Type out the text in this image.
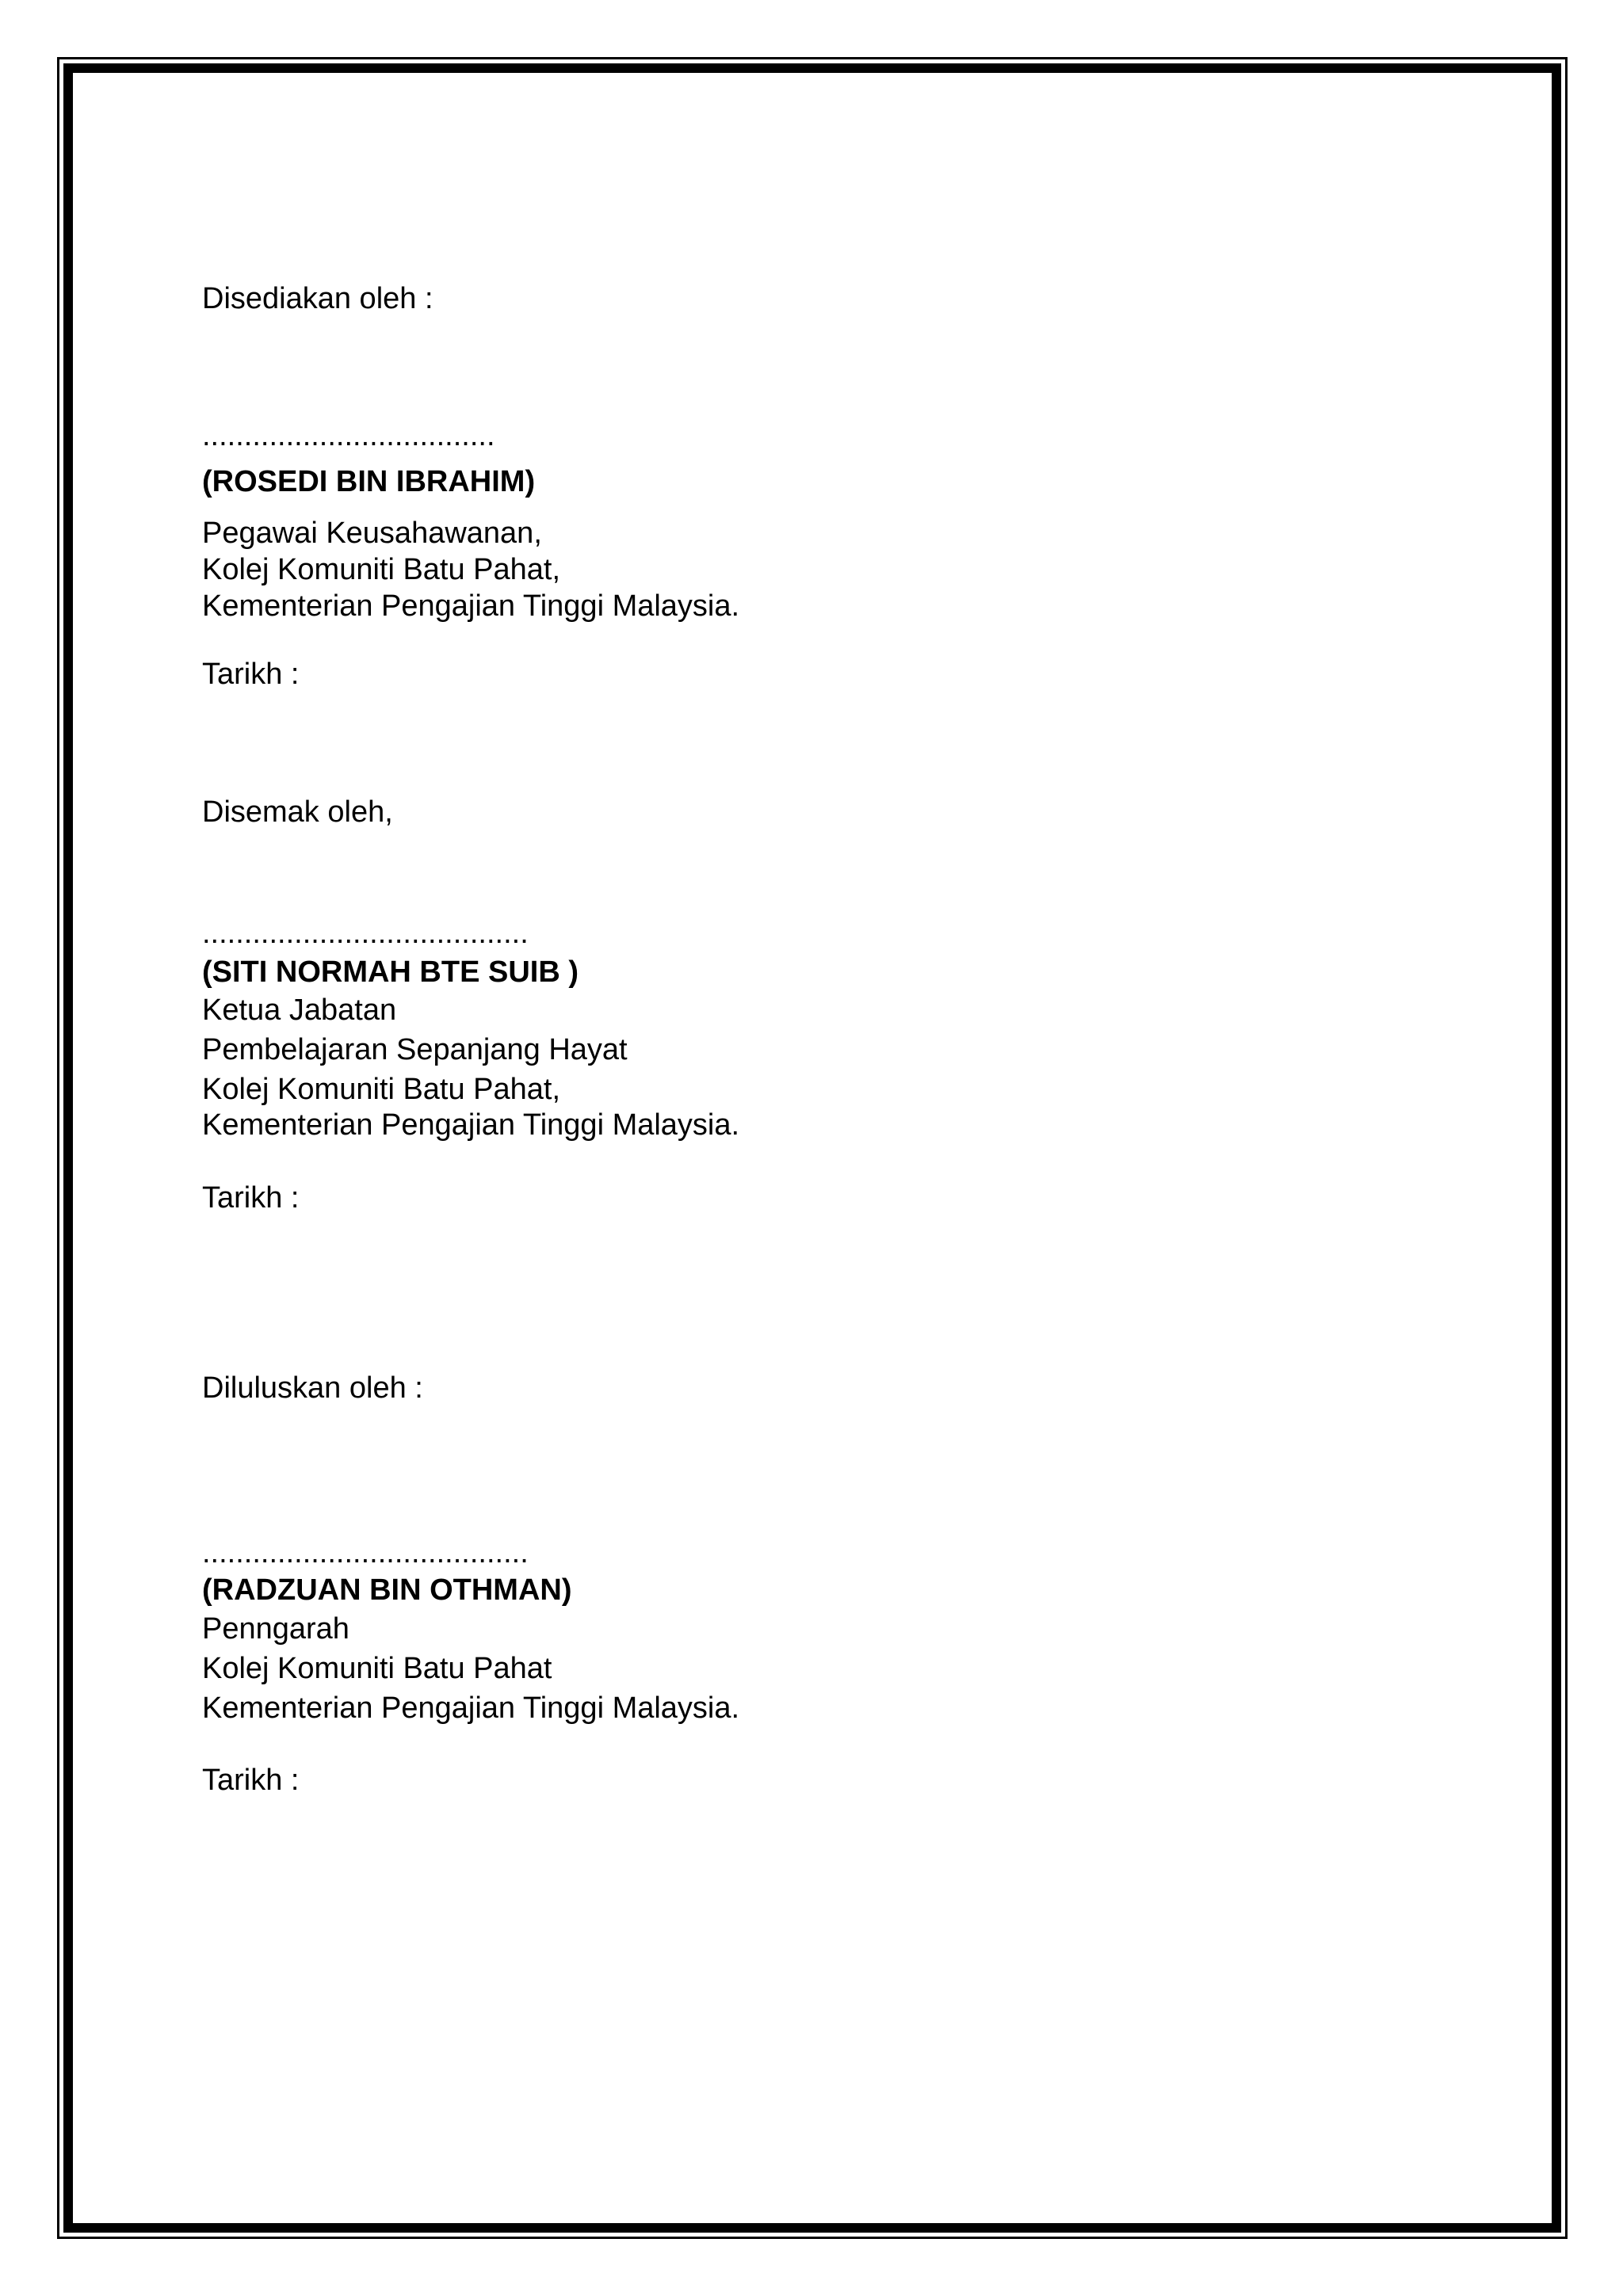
Disediakan oleh :
...................................
(ROSEDI BIN IBRAHIM)
Pegawai Keusahawanan,
Kolej Komuniti Batu Pahat,
Kementerian Pengajian Tinggi Malaysia.
Tarikh :
Disemak oleh,
.......................................
(SITI NORMAH BTE SUIB )
Ketua Jabatan
Pembelajaran Sepanjang Hayat
Kolej Komuniti Batu Pahat,
Kementerian Pengajian Tinggi Malaysia.
Tarikh :
Diluluskan oleh :
.......................................
(RADZUAN BIN OTHMAN)
Penngarah
Kolej Komuniti Batu Pahat
Kementerian Pengajian Tinggi Malaysia.
Tarikh :
